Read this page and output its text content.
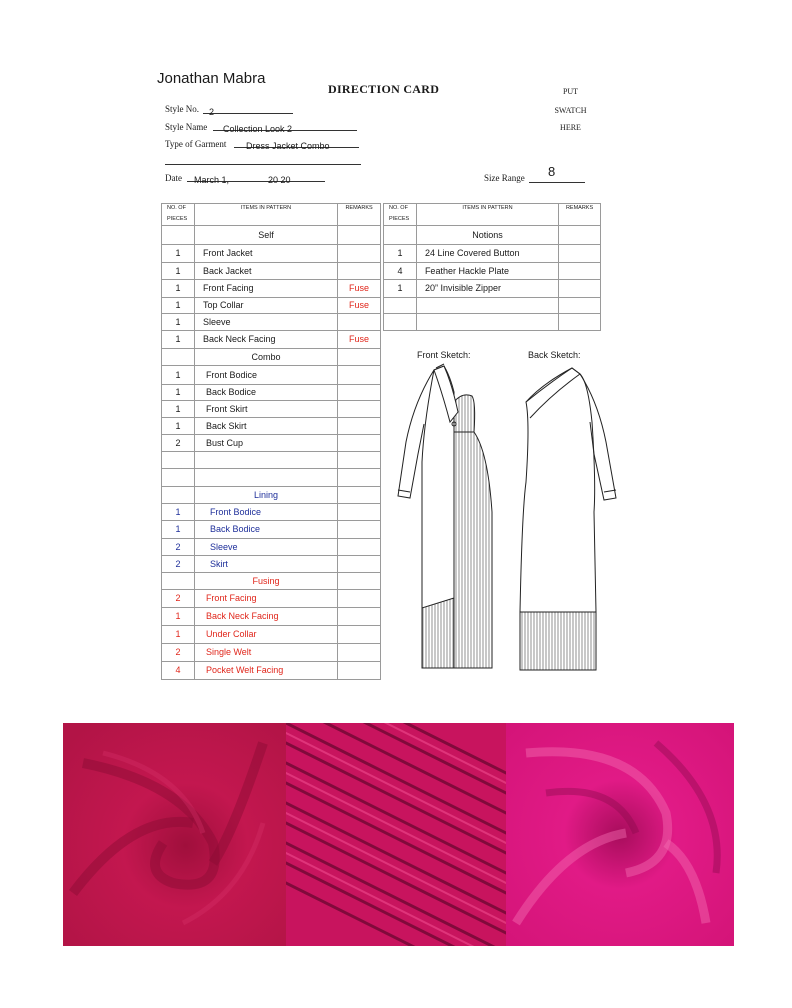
Jonathan Mabra
DIRECTION CARD	PUT
SWATCH
HERE
Style No.	2
Style Name	Collection Look 2
Type of Garment	Dress Jacket Combo
Date	March 1,	20 20	Size Range 8
NO. OF

PIECES	ITEMS IN PATTERN	REMARKS
	Self	
1	Front Jacket	
1	Back Jacket	
1	Front Facing	Fuse
1	Top Collar	Fuse
1	Sleeve	
1	Back Neck Facing	Fuse
	Combo	
1	Front Bodice	
1	Back Bodice	
1	Front Skirt	
1	Back Skirt	
2	Bust Cup	

	Lining	
1	Front Bodice	
1	Back Bodice	
2	Sleeve	
2	Skirt	
	Fusing	
2	Front Facing	
1	Back Neck Facing	
1	Under Collar	
2	Single Welt	
4	Pocket Welt Facing	
NO. OF

PIECES	ITEMS IN PATTERN	REMARKS
	Notions	
1	24 Line Covered Button	
4	Feather Hackle Plate	
1	20” Invisible Zipper	

Front Sketch:	Back Sketch:
